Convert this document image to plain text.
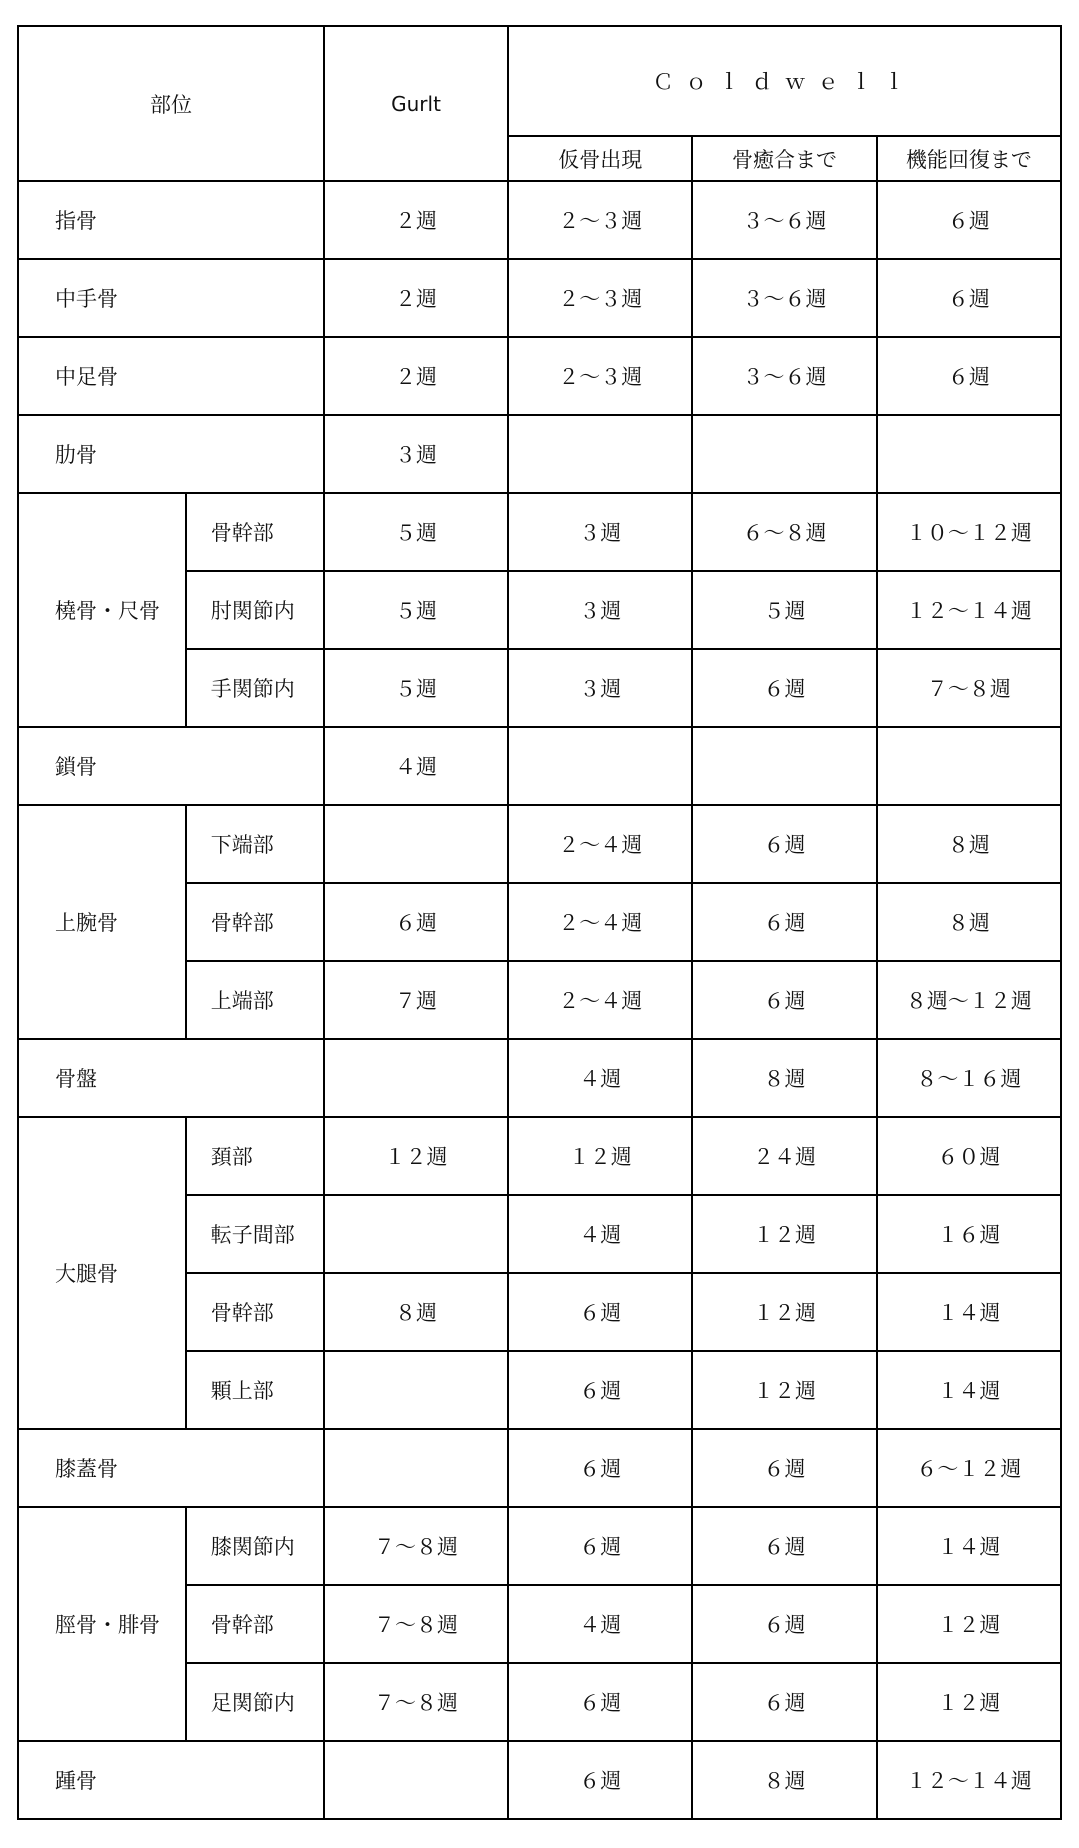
部位		Gurlt	Ｃｏｌｄｗｅｌｌ		
			仮骨出現	骨癒合まで	機能回復まで
指骨		２週	２〜３週	３〜６週	６週
中手骨		２週	２〜３週	３〜６週	６週
中足骨		２週	２〜３週	３〜６週	６週
肋骨		３週			
橈骨・尺骨	骨幹部	５週	３週	６〜８週	１０〜１２週
	肘関節内	５週	３週	５週	１２〜１４週
	手関節内	５週	３週	６週	７〜８週
鎖骨		４週			
上腕骨	下端部		２〜４週	６週	８週
	骨幹部	６週	２〜４週	６週	８週
	上端部	７週	２〜４週	６週	８週〜１２週
骨盤			４週	８週	８〜１６週
大腿骨	頚部	１２週	１２週	２４週	６０週
	転子間部		４週	１２週	１６週
	骨幹部	８週	６週	１２週	１４週
	顆上部		６週	１２週	１４週
膝蓋骨			６週	６週	６〜１２週
脛骨・腓骨	膝関節内	７〜８週	６週	６週	１４週
	骨幹部	７〜８週	４週	６週	１２週
	足関節内	７〜８週	６週	６週	１２週
踵骨			６週	８週	１２〜１４週
